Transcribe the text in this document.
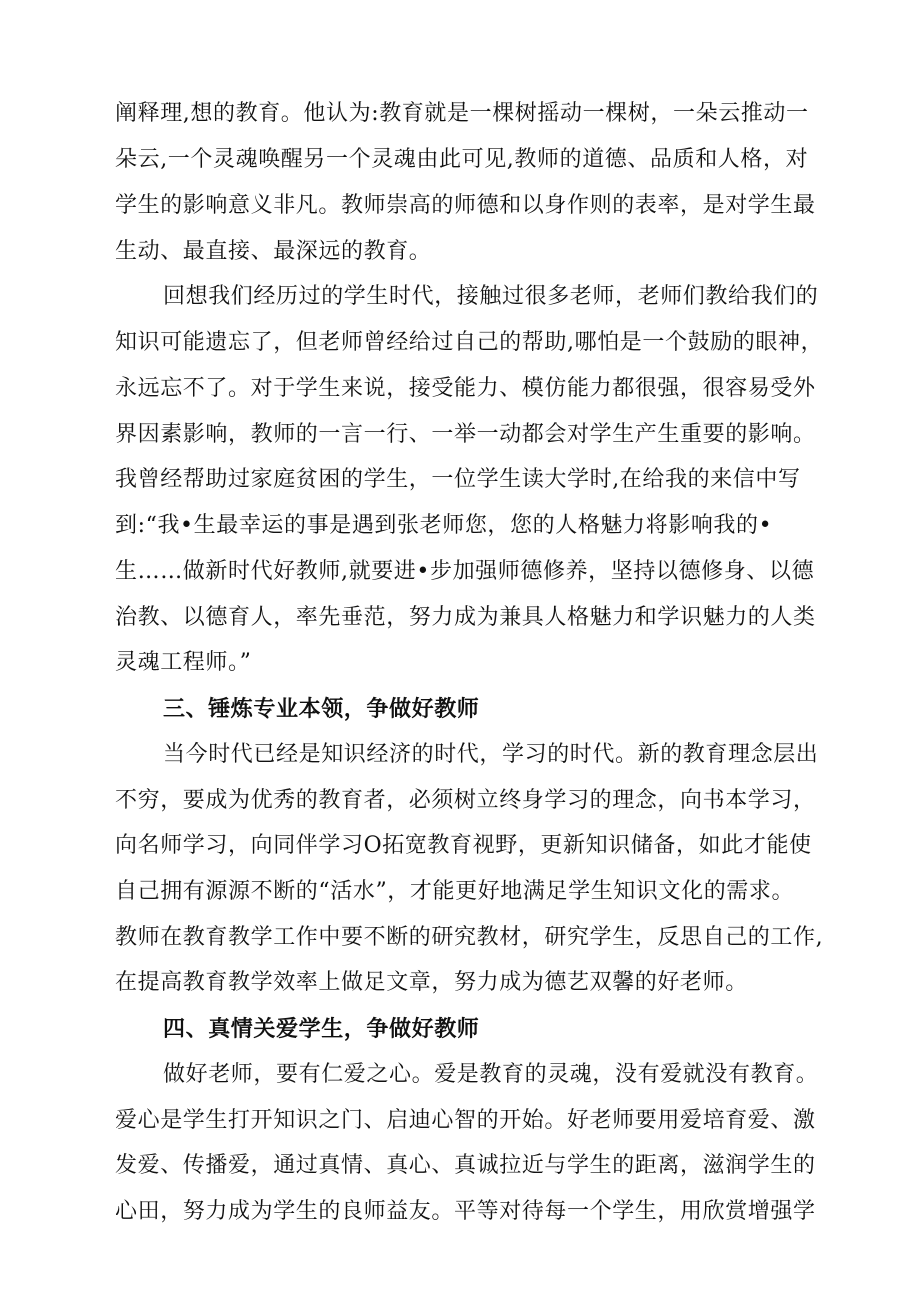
阐释理,想的教育。他认为:教育就是一棵树摇动一棵树，一朵云推动一
朵云,一个灵魂唤醒另一个灵魂由此可见,教师的道德、品质和人格，对
学生的影响意义非凡。教师崇高的师德和以身作则的表率，是对学生最
生动、最直接、最深远的教育。
回想我们经历过的学生时代，接触过很多老师，老师们教给我们的
知识可能遗忘了，但老师曾经给过自己的帮助,哪怕是一个鼓励的眼神，
永远忘不了。对于学生来说，接受能力、模仿能力都很强，很容易受外
界因素影响，教师的一言一行、一举一动都会对学生产生重要的影响。
我曾经帮助过家庭贫困的学生，一位学生读大学时,在给我的来信中写
到:“我•生最幸运的事是遇到张老师您，您的人格魅力将影响我的•
生……做新时代好教师,就要进•步加强师德修养，坚持以德修身、以德
治教、以德育人，率先垂范，努力成为兼具人格魅力和学识魅力的人类
灵魂工程师。”
三、锤炼专业本领，争做好教师
当今时代已经是知识经济的时代，学习的时代。新的教育理念层出
不穷，要成为优秀的教育者，必须树立终身学习的理念，向书本学习，
向名师学习，向同伴学习O拓宽教育视野，更新知识储备，如此才能使
自己拥有源源不断的“活水”，才能更好地满足学生知识文化的需求。
教师在教育教学工作中要不断的研究教材，研究学生，反思自己的工作,
在提高教育教学效率上做足文章，努力成为德艺双馨的好老师。
四、真情关爱学生，争做好教师
做好老师，要有仁爱之心。爱是教育的灵魂，没有爱就没有教育。
爱心是学生打开知识之门、启迪心智的开始。好老师要用爱培育爱、激
发爱、传播爱，通过真情、真心、真诚拉近与学生的距离，滋润学生的
心田，努力成为学生的良师益友。平等对待每一个学生，用欣赏增强学
